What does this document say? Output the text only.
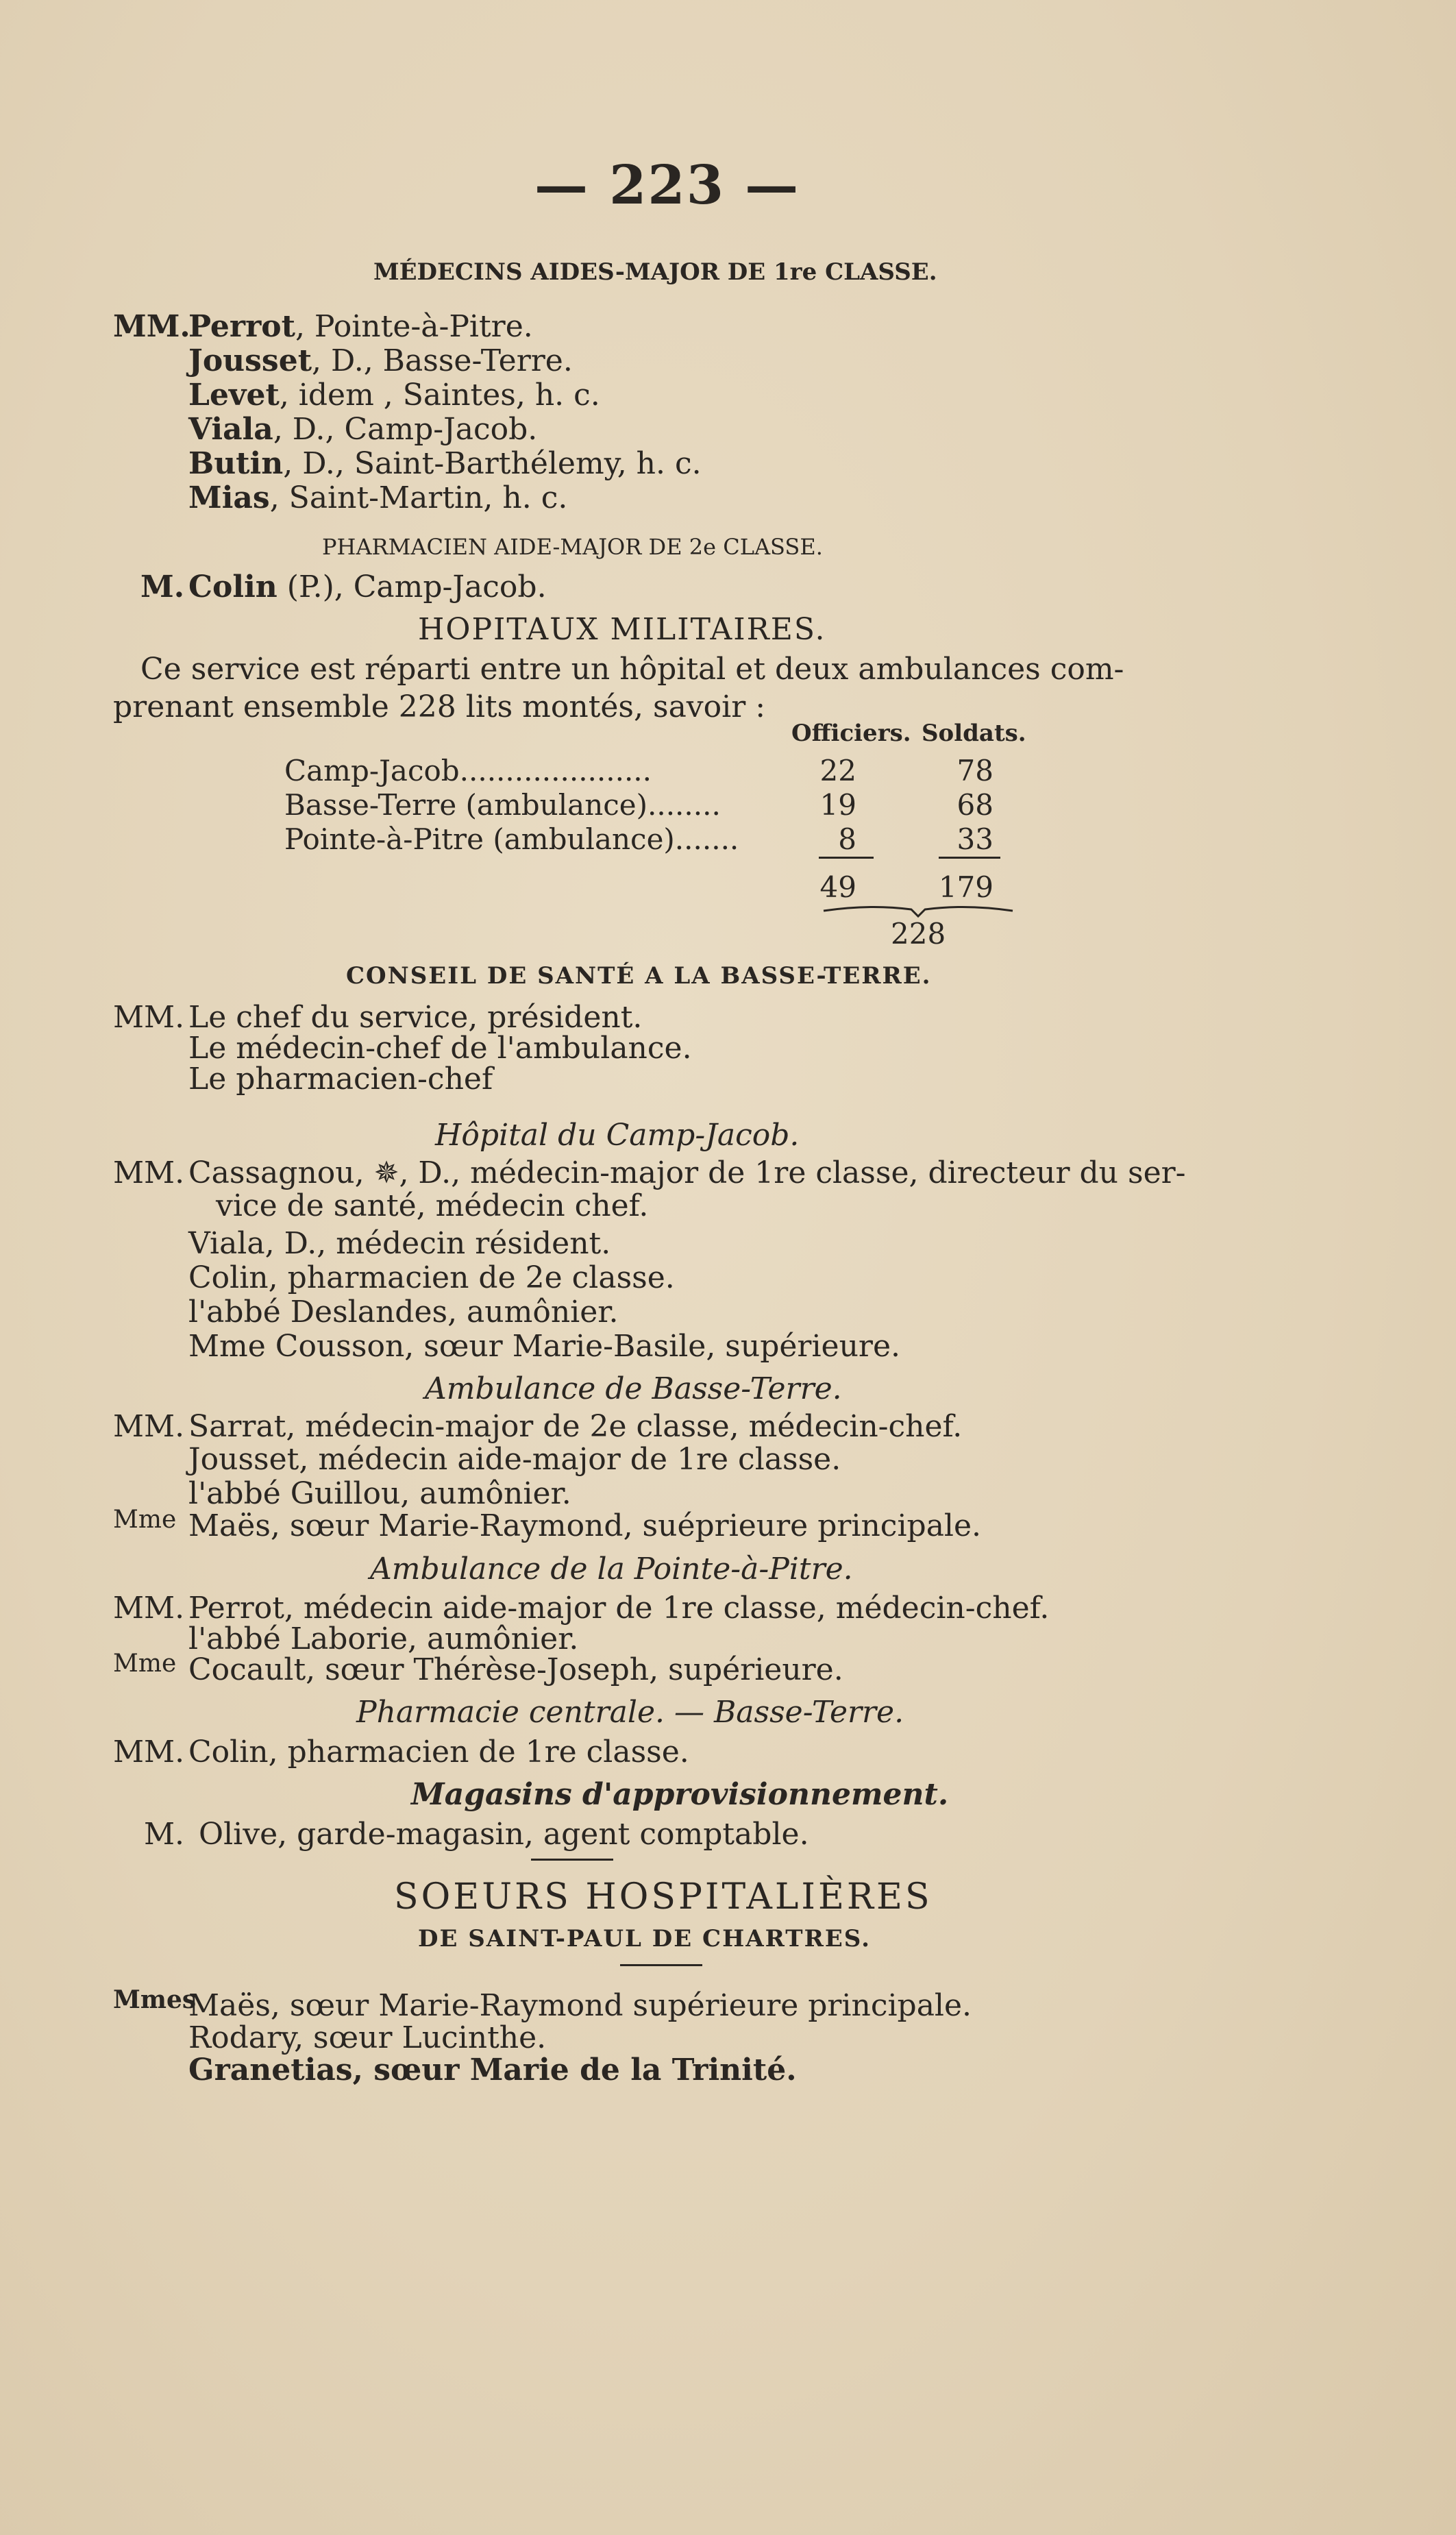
— 223 —
MÉDECINS AIDES-MAJOR DE 1re CLASSE.
MM.
Perrot, Pointe-à-Pitre.
Jousset, D., Basse-Terre.
Levet, idem , Saintes, h. c.
Viala, D., Camp-Jacob.
Butin, D., Saint-Barthélemy, h. c.
Mias, Saint-Martin, h. c.
PHARMACIEN AIDE-MAJOR DE 2e CLASSE.
M. Colin (P.), Camp-Jacob.
HOPITAUX MILITAIRES.
Ce service est réparti entre un hôpital et deux ambulances com-
prenant ensemble 228 lits montés, savoir :
Officiers. Soldats.
Camp-Jacob.....................	22	78
Basse-Terre (ambulance)........	19	68
Pointe-à-Pitre (ambulance).......	8	33
49	179
228
CONSEIL DE SANTÉ A LA BASSE-TERRE.
MM. Le chef du service, président.
Le médecin-chef de l'ambulance.
Le pharmacien-chef
Hôpital du Camp-Jacob.
MM. Cassagnou, ✵, D., médecin-major de 1re classe, directeur du ser-
vice de santé, médecin chef.
Viala, D., médecin résident.
Colin, pharmacien de 2e classe.
l'abbé Deslandes, aumônier.
Mme Cousson, sœur Marie-Basile, supérieure.
Ambulance de Basse-Terre.
MM. Sarrat, médecin-major de 2e classe, médecin-chef.
Jousset, médecin aide-major de 1re classe.
l'abbé Guillou, aumônier.
Mme Maës, sœur Marie-Raymond, suéprieure principale.
Ambulance de la Pointe-à-Pitre.
MM. Perrot, médecin aide-major de 1re classe, médecin-chef.
l'abbé Laborie, aumônier.
Mme Cocault, sœur Thérèse-Joseph, supérieure.
Pharmacie centrale. — Basse-Terre.
MM. Colin, pharmacien de 1re classe.
Magasins d'approvisionnement.
M. Olive, garde-magasin, agent comptable.
SOEURS HOSPITALIÈRES
DE SAINT-PAUL DE CHARTRES.
Mmes
Maës, sœur Marie-Raymond supérieure principale.
Rodary, sœur Lucinthe.
Granetias, sœur Marie de la Trinité.
